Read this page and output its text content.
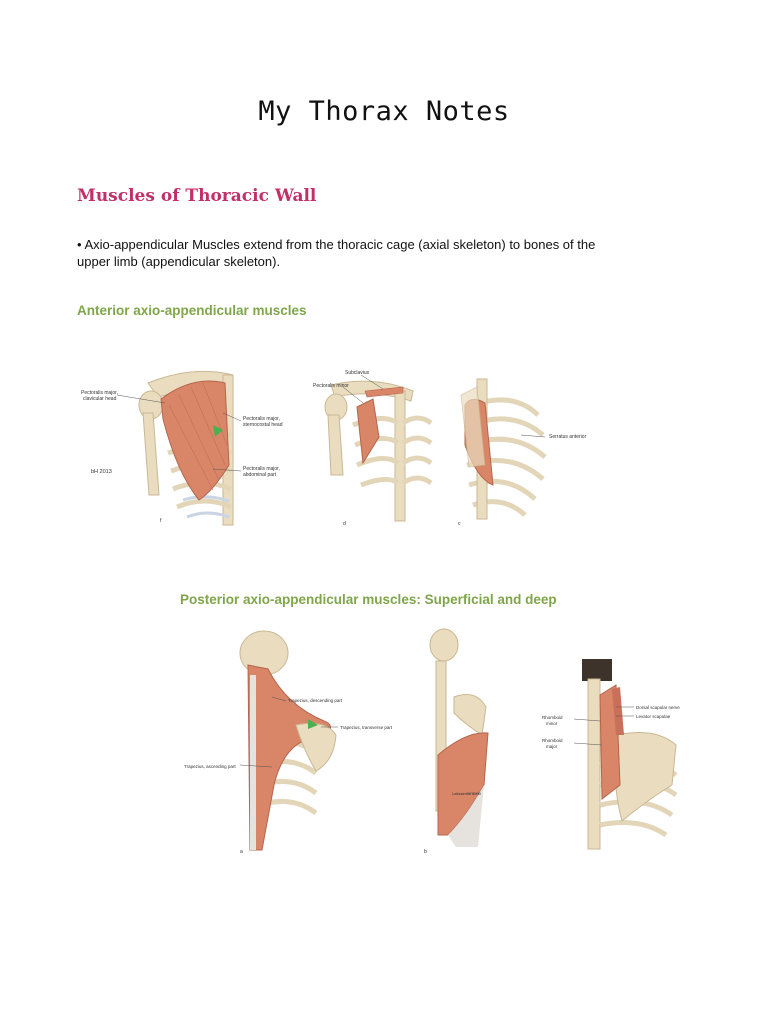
My Thorax Notes
Muscles of Thoracic Wall
• Axio-appendicular Muscles extend from the thoracic cage (axial skeleton) to bones of the upper limb (appendicular skeleton).
Anterior axio-appendicular muscles
Pectoralis major,
clavicular head
Pectoralis major,
sternocostal head
Pectoralis major,
abdominal part
bH 2013
f
Subclavius
Pectoralis minor
d
Serratus anterior
c
Posterior axio-appendicular muscles: Superficial and deep
Trapezius, descending part
Trapezius, transverse part
Trapezius, ascending part
a
Latissimus dorsi
b
Dorsal scapular nerve
Levator scapulae
Rhomboid
minor
Rhomboid
major
